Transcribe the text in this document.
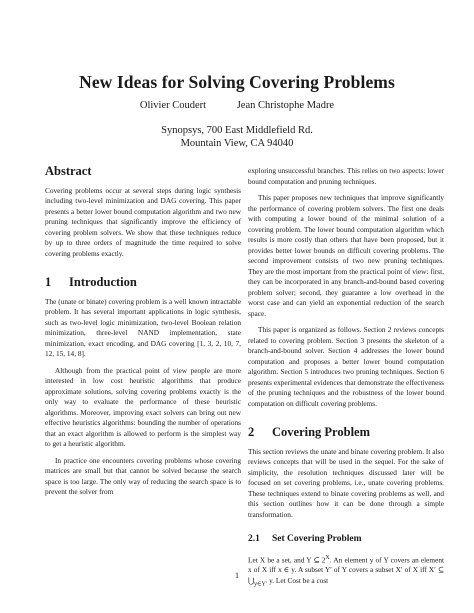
New Ideas for Solving Covering Problems
Olivier Coudert	Jean Christophe Madre
Synopsys, 700 East Middlefield Rd.
Mountain View, CA 94040
Abstract

Covering problems occur at several steps during logic synthesis including two-level minimization and DAG covering. This paper presents a better lower bound computation algorithm and two new pruning techniques that significantly improve the efficiency of covering problem solvers. We show that these techniques reduce by up to three orders of magnitude the time required to solve covering problems exactly.

1 Introduction

The (unate or binate) covering problem is a well known intractable problem. It has several important applications in logic synthesis, such as two-level logic minimization, two-level Boolean relation minimization, three-level NAND implementation, state minimization, exact encoding, and DAG covering [1, 3, 2, 10, 7, 12, 15, 14, 8].

Although from the practical point of view people are more interested in low cost heuristic algorithms that produce approximate solutions, solving covering problems exactly is the only way to evaluate the performance of these heuristic algorithms. Moreover, improving exact solvers can bring out new effective heuristics algorithms: bounding the number of operations that an exact algorithm is allowed to perform is the simplest way to get a heuristic algorithm.

In practice one encounters covering problems whose covering matrices are small but that cannot be solved because the search space is too large. The only way of reducing the search space is to prevent the solver from

exploring unsuccessful branches. This relies on two aspects: lower bound computation and pruning techniques.

This paper proposes new techniques that improve significantly the performance of covering problem solvers. The first one deals with computing a lower bound of the minimal solution of a covering problem. The lower bound computation algorithm which results is more costly than others that have been proposed, but it provides better lower bounds on difficult covering problems. The second improvement consists of two new pruning techniques. They are the most important from the practical point of view: first, they can be incorporated in any branch-and-bound based covering problem solver; second, they guarantee a low overhead in the worst case and can yield an exponential reduction of the search space.

This paper is organized as follows. Section 2 reviews concepts related to covering problem. Section 3 presents the skeleton of a branch-and-bound solver. Section 4 addresses the lower bound computation and proposes a better lower bound computation algorithm. Section 5 introduces two pruning techniques. Section 6 presents experimental evidences that demonstrate the effectiveness of the pruning techniques and the robustness of the lower bound computation on difficult covering problems.

2 Covering Problem

This section reviews the unate and binate covering problem. It also reviews concepts that will be used in the sequel. For the sake of simplicity, the resolution techniques discussed later will be focused on set covering problems, i.e., unate covering problems. These techniques extend to binate covering problems as well, and this section outlines how it can be done through a simple transformation.

2.1 Set Covering Problem

Let X be a set, and Y ⊆ $2^X$. An element y of Y covers an element x of X iff x ∈ y. A subset Y′ of Y covers a subset X′ of X iff X′ ⊆ $⋃_{y\in Y'}$ y. Let Cost be a cost

1
